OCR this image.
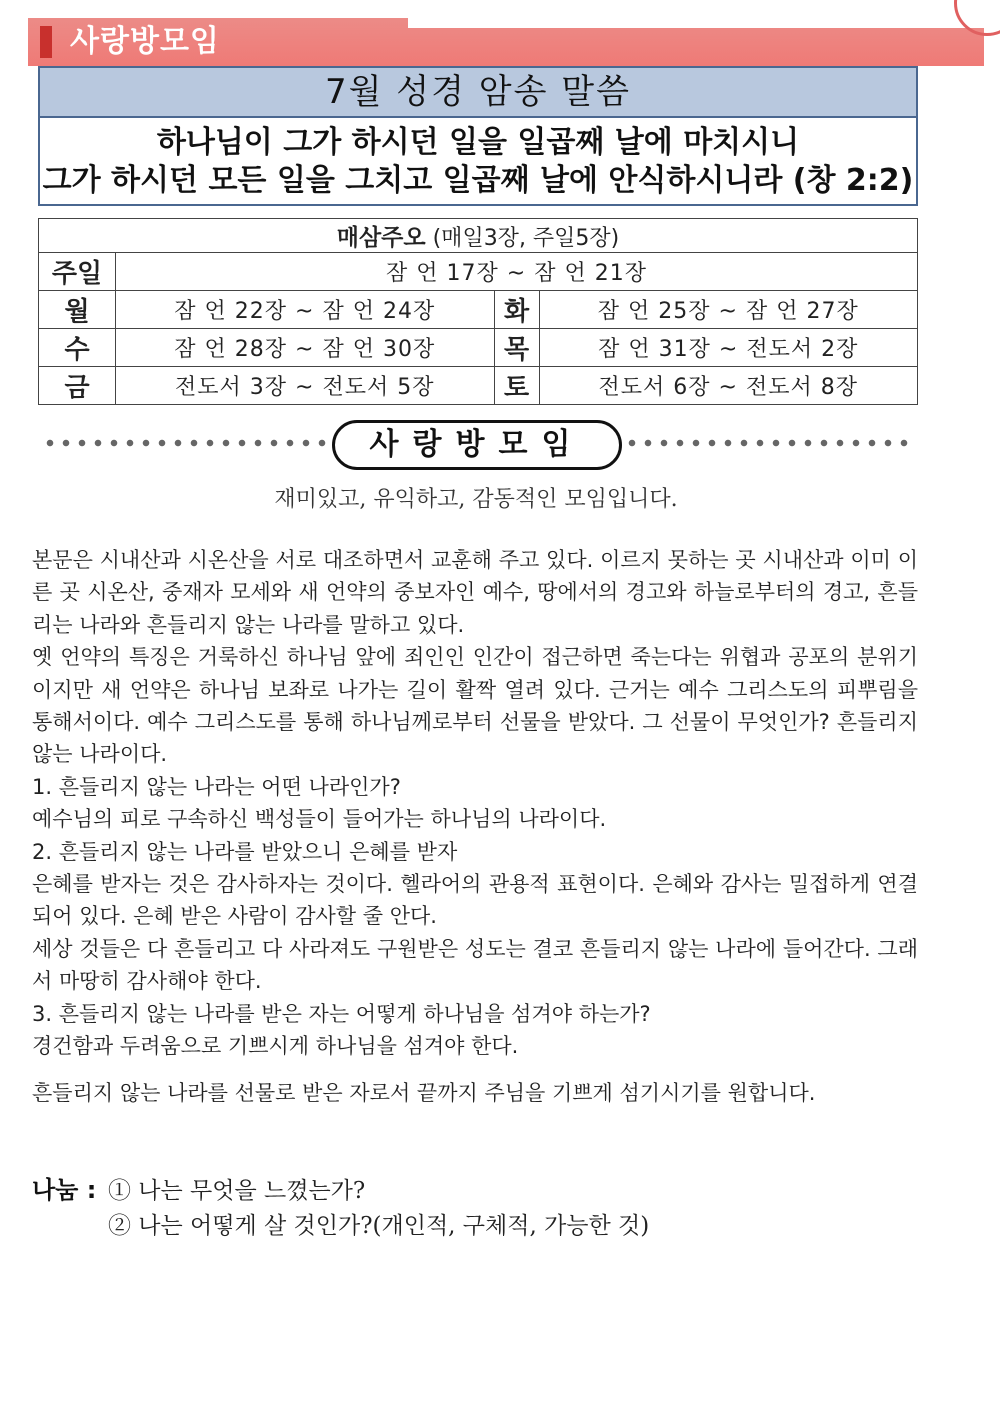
사랑방모임
7월 성경 암송 말씀
하나님이 그가 하시던 일을 일곱째 날에 마치시니
그가 하시던 모든 일을 그치고 일곱째 날에 안식하시니라 (창 2:2)
매삼주오 (매일3장, 주일5장)			
주일	잠 언 17장 ~ 잠 언 21장		
월	잠 언 22장 ~ 잠 언 24장	화	잠 언 25장 ~ 잠 언 27장
수	잠 언 28장 ~ 잠 언 30장	목	잠 언 31장 ~ 전도서 2장
금	전도서 3장 ~ 전도서 5장	토	전도서 6장 ~ 전도서 8장
사랑방모임
재미있고, 유익하고, 감동적인 모임입니다.

본문은 시내산과 시온산을 서로 대조하면서 교훈해 주고 있다. 이르지 못하는 곳 시내산과 이미 이른 곳 시온산, 중재자 모세와 새 언약의 중보자인 예수, 땅에서의 경고와 하늘로부터의 경고, 흔들리는 나라와 흔들리지 않는 나라를 말하고 있다.

옛 언약의 특징은 거룩하신 하나님 앞에 죄인인 인간이 접근하면 죽는다는 위협과 공포의 분위기이지만 새 언약은 하나님 보좌로 나가는 길이 활짝 열려 있다. 근거는 예수 그리스도의 피뿌림을 통해서이다. 예수 그리스도를 통해 하나님께로부터 선물을 받았다. 그 선물이 무엇인가? 흔들리지 않는 나라이다.

1. 흔들리지 않는 나라는 어떤 나라인가?

예수님의 피로 구속하신 백성들이 들어가는 하나님의 나라이다.

2. 흔들리지 않는 나라를 받았으니 은혜를 받자

은혜를 받자는 것은 감사하자는 것이다. 헬라어의 관용적 표현이다. 은혜와 감사는 밀접하게 연결되어 있다. 은혜 받은 사람이 감사할 줄 안다.

세상 것들은 다 흔들리고 다 사라져도 구원받은 성도는 결코 흔들리지 않는 나라에 들어간다. 그래서 마땅히 감사해야 한다.

3. 흔들리지 않는 나라를 받은 자는 어떻게 하나님을 섬겨야 하는가?

경건함과 두려움으로 기쁘시게 하나님을 섬겨야 한다.

흔들리지 않는 나라를 선물로 받은 자로서 끝까지 주님을 기쁘게 섬기시기를 원합니다.

나눔 : ① 나는 무엇을 느꼈는가?
② 나는 어떻게 살 것인가?(개인적, 구체적, 가능한 것)
